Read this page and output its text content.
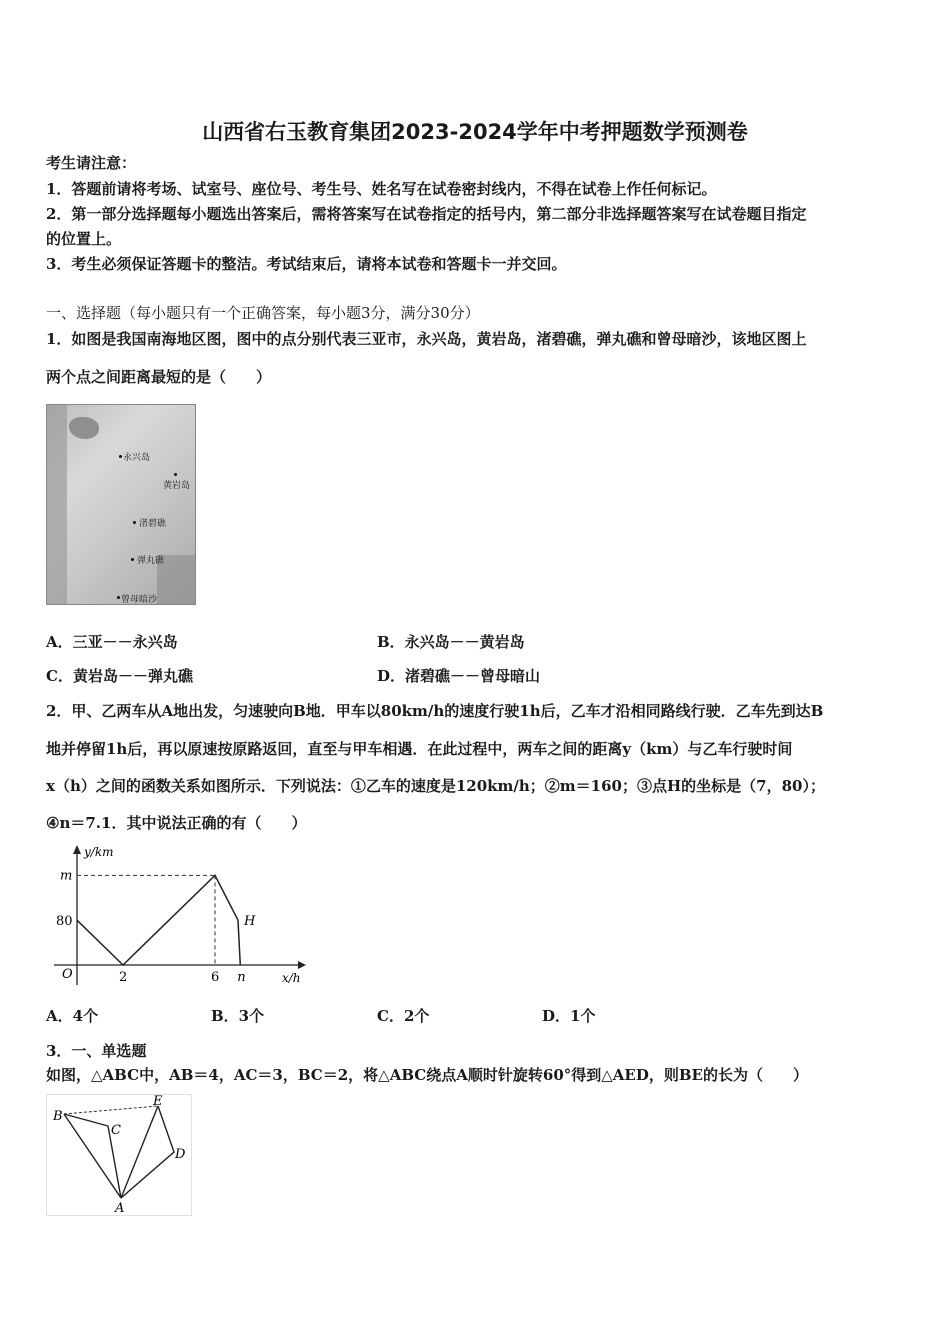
山西省右玉教育集团2023-2024学年中考押题数学预测卷
考生请注意：
1．答题前请将考场、试室号、座位号、考生号、姓名写在试卷密封线内，不得在试卷上作任何标记。
2．第一部分选择题每小题选出答案后，需将答案写在试卷指定的括号内，第二部分非选择题答案写在试卷题目指定
的位置上。
3．考生必须保证答题卡的整洁。考试结束后，请将本试卷和答题卡一并交回。
一、选择题（每小题只有一个正确答案，每小题3分，满分30分）
1．如图是我国南海地区图，图中的点分别代表三亚市，永兴岛，黄岩岛，渚碧礁，弹丸礁和曾母暗沙，该地区图上
两个点之间距离最短的是（　　）
永兴岛
黄岩岛
渚碧礁
弹丸礁
曾母暗沙
A．三亚－－永兴岛	B．永兴岛－－黄岩岛
C．黄岩岛－－弹丸礁	D．渚碧礁－－曾母暗山
2．甲、乙两车从A地出发，匀速驶向B地．甲车以80km/h的速度行驶1h后，乙车才沿相同路线行驶．乙车先到达B
地并停留1h后，再以原速按原路返回，直至与甲车相遇．在此过程中，两车之间的距离y（km）与乙车行驶时间
x（h）之间的函数关系如图所示．下列说法：①乙车的速度是120km/h；②m＝160；③点H的坐标是（7，80）；
④n＝7.1．其中说法正确的有（　　）
y/km
x/h
O
m
80
2	6 n
H
A．4个	B．3个	C．2个	D．1个
3．一、单选题
如图，△ABC中，AB＝4，AC＝3，BC＝2，将△ABC绕点A顺时针旋转60°得到△AED，则BE的长为（　　）
B
C
E
D
A
